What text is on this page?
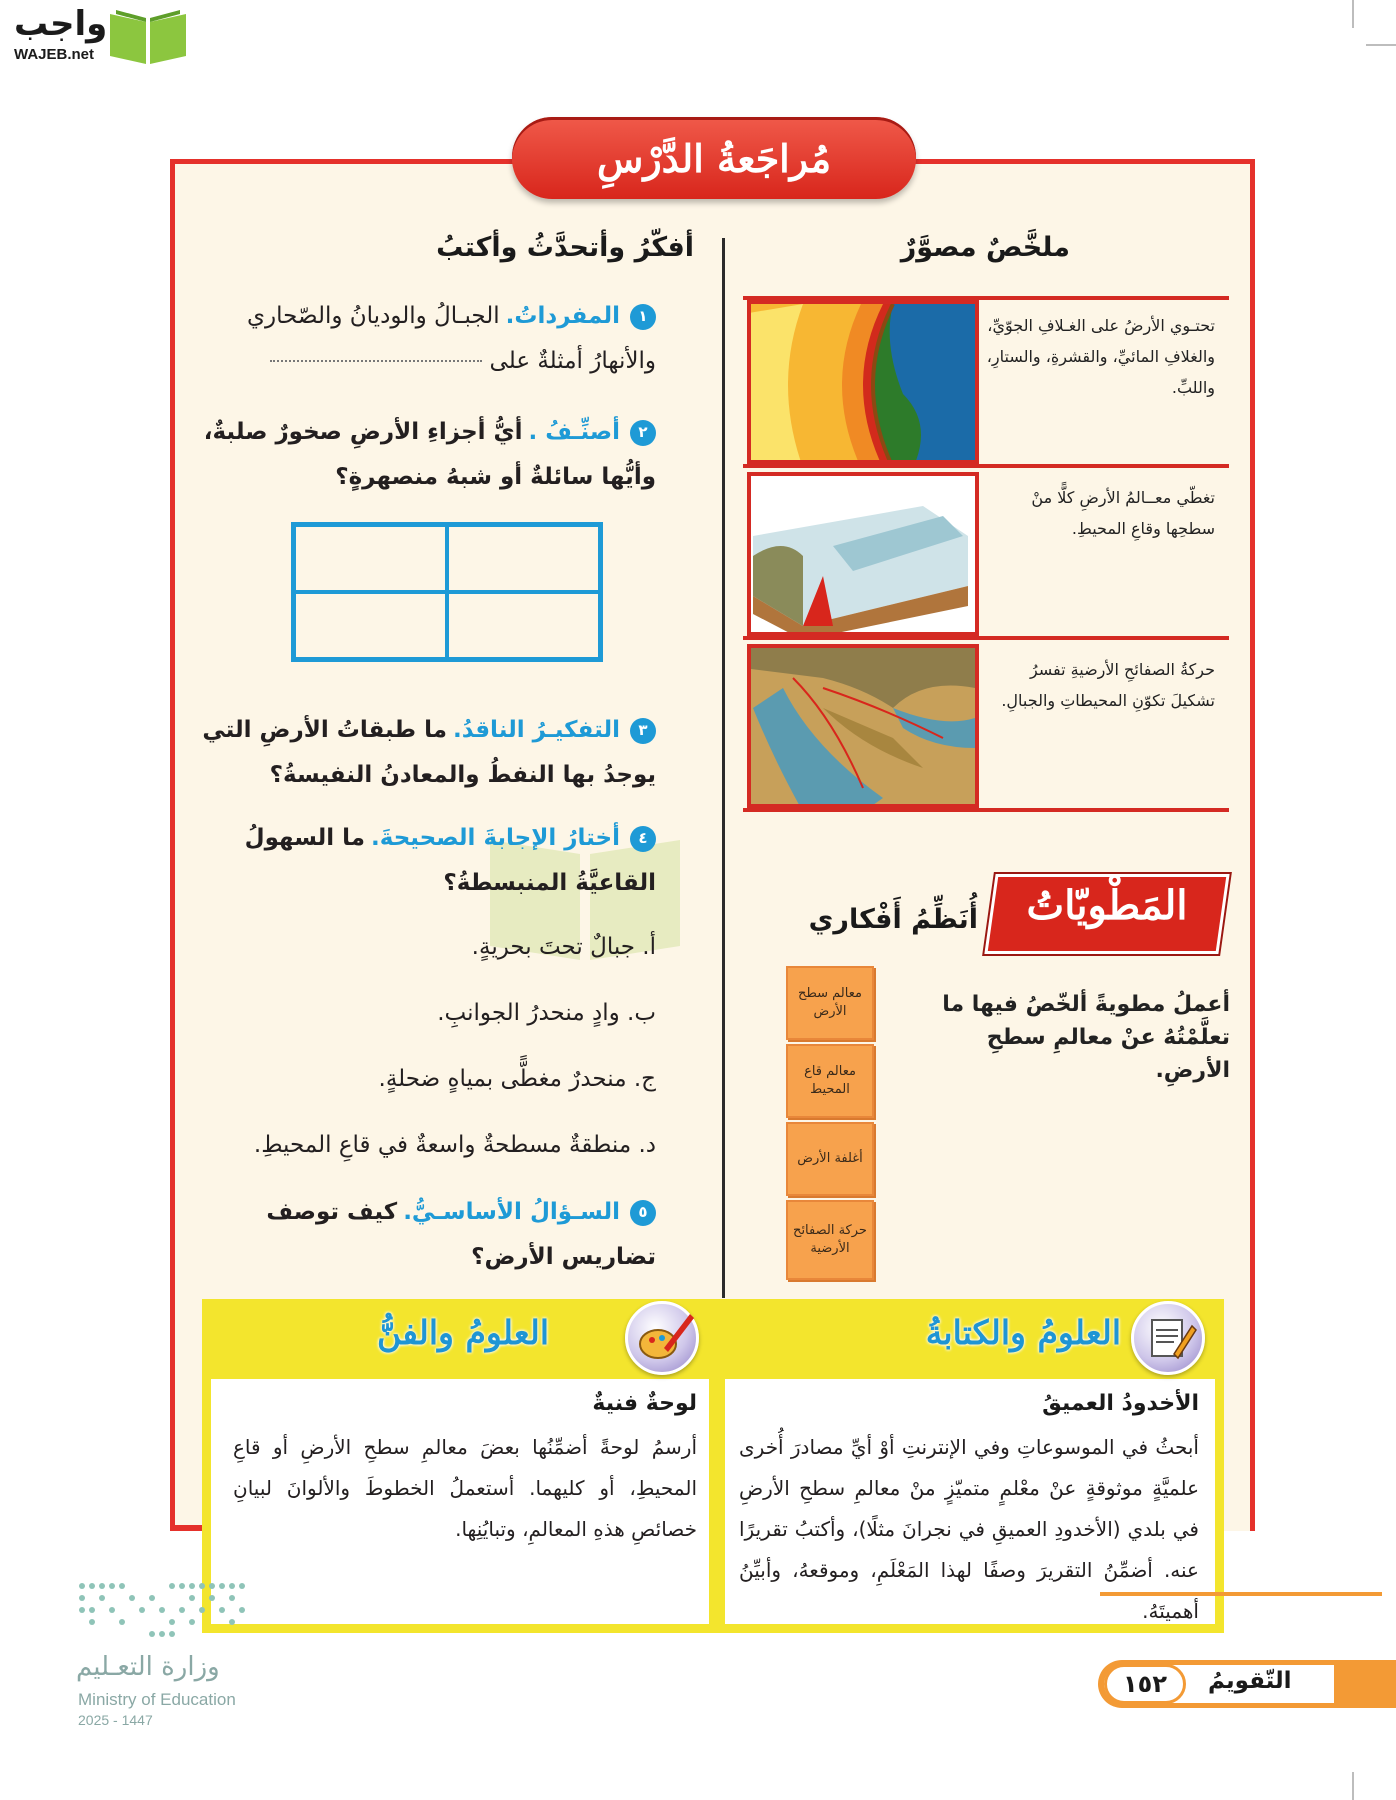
واجب
WAJEB.net
مُراجَعةُ الدَّرْسِ
ملخَّصٌ مصوَّرٌ
تحتـوي الأرضُ على الغـلافِ الجوّيِّ، والغلافِ المائيِّ، والقشرةِ، والستارِ، واللبِّ.
تغطّي معــالمُ الأرضِ كلًّا منْ سطحِها وقاعِ المحيطِ.
حركةُ الصفائحِ الأرضيةِ تفسرُ تشكيلَ تكوّنِ المحيطاتِ والجبالِ.
المَطْويّاتُ
أُنَظِّمُ أَفْكاري
أعملُ مطويةً ألخّصُ فيها ما تعلَّمْتُهُ عنْ معالمِ سطحِ الأرضِ.
معالم سطح الأرض
معالم قاع المحيط
أغلفة الأرض
حركة الصفائح الأرضية
أفكّرُ وأتحدَّثُ وأكتبُ
١المفرداتُ.الجبـالُ والوديانُ والصّحاري والأنهارُ أمثلةٌ على
٢أصنِّـفُ .أيُّ أجزاءِ الأرضِ صخورٌ صلبةٌ، وأيُّها سائلةٌ أو شبهُ منصهرةٍ؟
٣التفكيـرُ الناقدُ.ما طبقاتُ الأرضِ التي يوجدُ بها النفطُ والمعادنُ النفيسةُ؟
٤أختارُ الإجابةَ الصحيحةَ.ما السهولُ القاعيَّةُ المنبسطةُ؟
أ. جبالٌ تحتَ بحريةٍ.
ب. وادٍ منحدرُ الجوانبِ.
ج. منحدرٌ مغطًّى بمياهٍ ضحلةٍ.
د. منطقةٌ مسطحةٌ واسعةٌ في قاعِ المحيطِ.
٥السـؤالُ الأساسـيُّ.كيف توصف تضاريس الأرض؟
العلومُ والكتابةُ
الأخدودُ العميقُ
أبحثُ في الموسوعاتِ وفي الإنترنتِ أوْ أيِّ مصادرَ أُخرى علميَّةٍ موثوقةٍ عنْ معْلمٍ متميّزٍ منْ معالمِ سطحِ الأرضِ في بلدي (الأخدودِ العميقِ في نجرانَ مثلًا)، وأكتبُ تقريرًا عنه. أضمِّنُ التقريرَ وصفًا لهذا المَعْلَمِ، وموقعهُ، وأبيِّنُ أهميتَهُ.
العلومُ والفنُّ
لوحةٌ فنيةٌ
أرسمُ لوحةً أضمِّنُها بعضَ معالمِ سطحِ الأرضِ أو قاعِ المحيطِ، أو كليهما. أستعملُ الخطوطَ والألوانَ لبيانِ خصائصِ هذهِ المعالمِ، وتبايُنِها.
١٥٢	التّقويمُ
وزارة التعـليم
Ministry of Education
2025 - 1447
